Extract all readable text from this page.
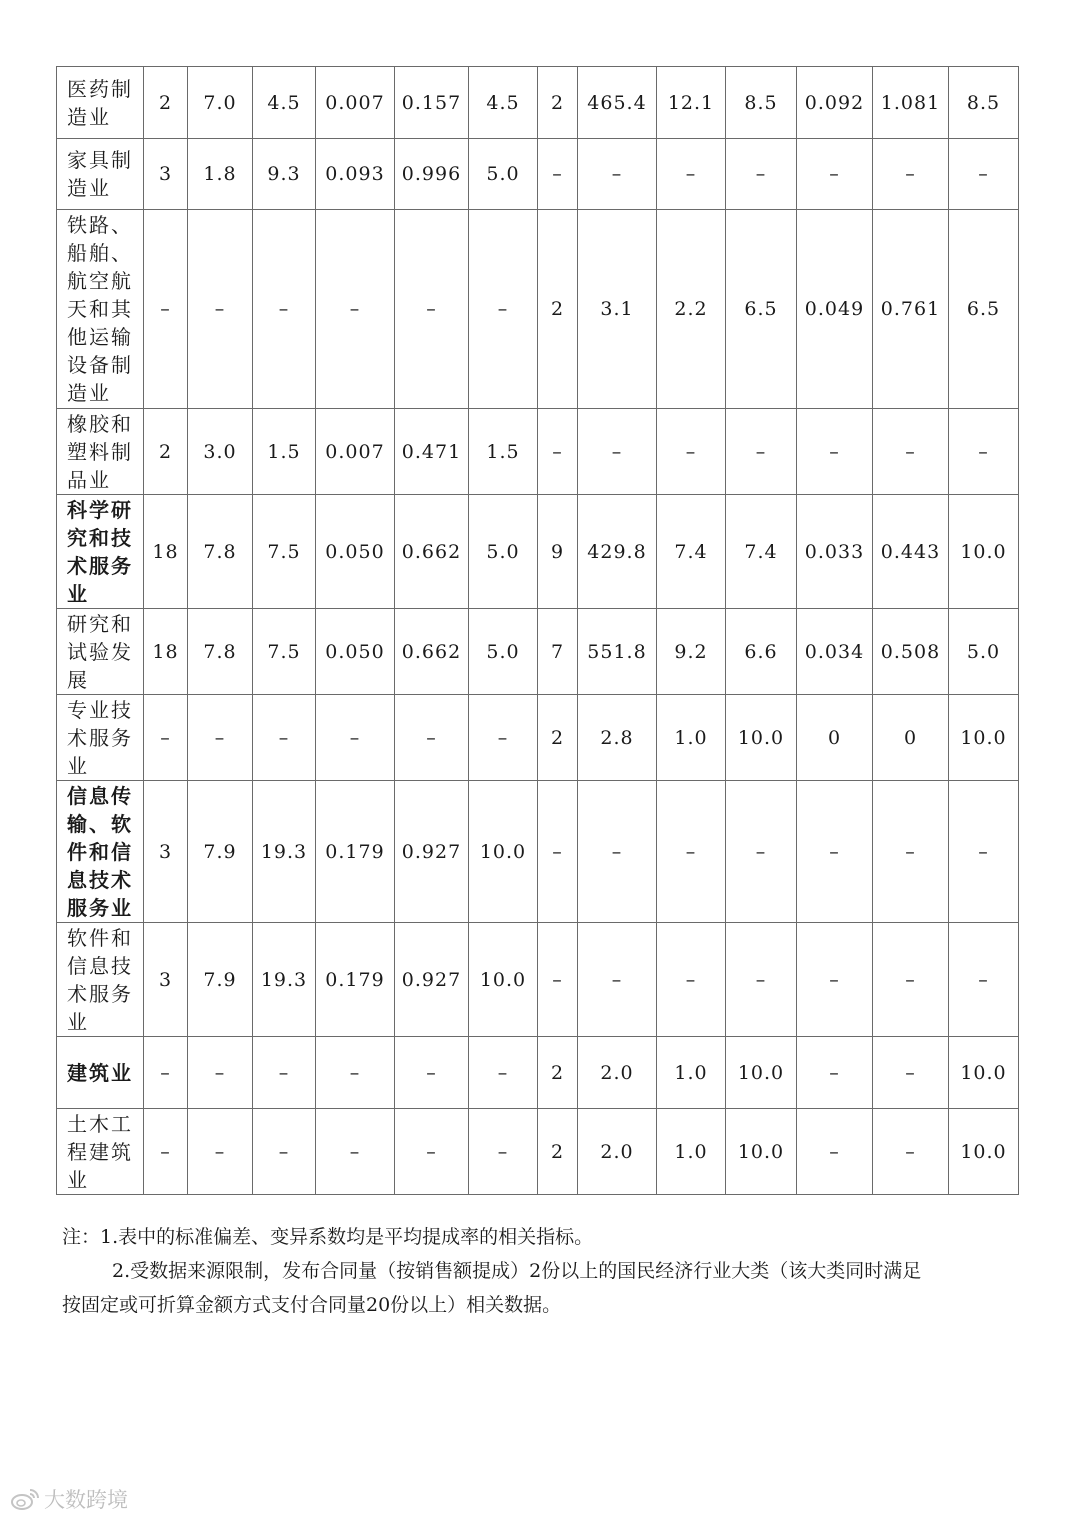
医药制造业	2	7.0	4.5	0.007	0.157	4.5	2	465.4	12.1	8.5	0.092	1.081	8.5
家具制造业	3	1.8	9.3	0.093	0.996	5.0	–	–	–	–	–	–	–
铁路、船舶、航空航天和其他运输设备制造业	–	–	–	–	–	–	2	3.1	2.2	6.5	0.049	0.761	6.5
橡胶和塑料制品业	2	3.0	1.5	0.007	0.471	1.5	–	–	–	–	–	–	–
科学研究和技术服务业	18	7.8	7.5	0.050	0.662	5.0	9	429.8	7.4	7.4	0.033	0.443	10.0
研究和试验发展	18	7.8	7.5	0.050	0.662	5.0	7	551.8	9.2	6.6	0.034	0.508	5.0
专业技术服务业	–	–	–	–	–	–	2	2.8	1.0	10.0	0	0	10.0
信息传输、软件和信息技术服务业	3	7.9	19.3	0.179	0.927	10.0	–	–	–	–	–	–	–
软件和信息技术服务业	3	7.9	19.3	0.179	0.927	10.0	–	–	–	–	–	–	–
建筑业	–	–	–	–	–	–	2	2.0	1.0	10.0	–	–	10.0
土木工程建筑业	–	–	–	–	–	–	2	2.0	1.0	10.0	–	–	10.0

注：1.表中的标准偏差、变异系数均是平均提成率的相关指标。

2.受数据来源限制，发布合同量（按销售额提成）2份以上的国民经济行业大类（该大类同时满足

按固定或可折算金额方式支付合同量20份以上）相关数据。

大数跨境
